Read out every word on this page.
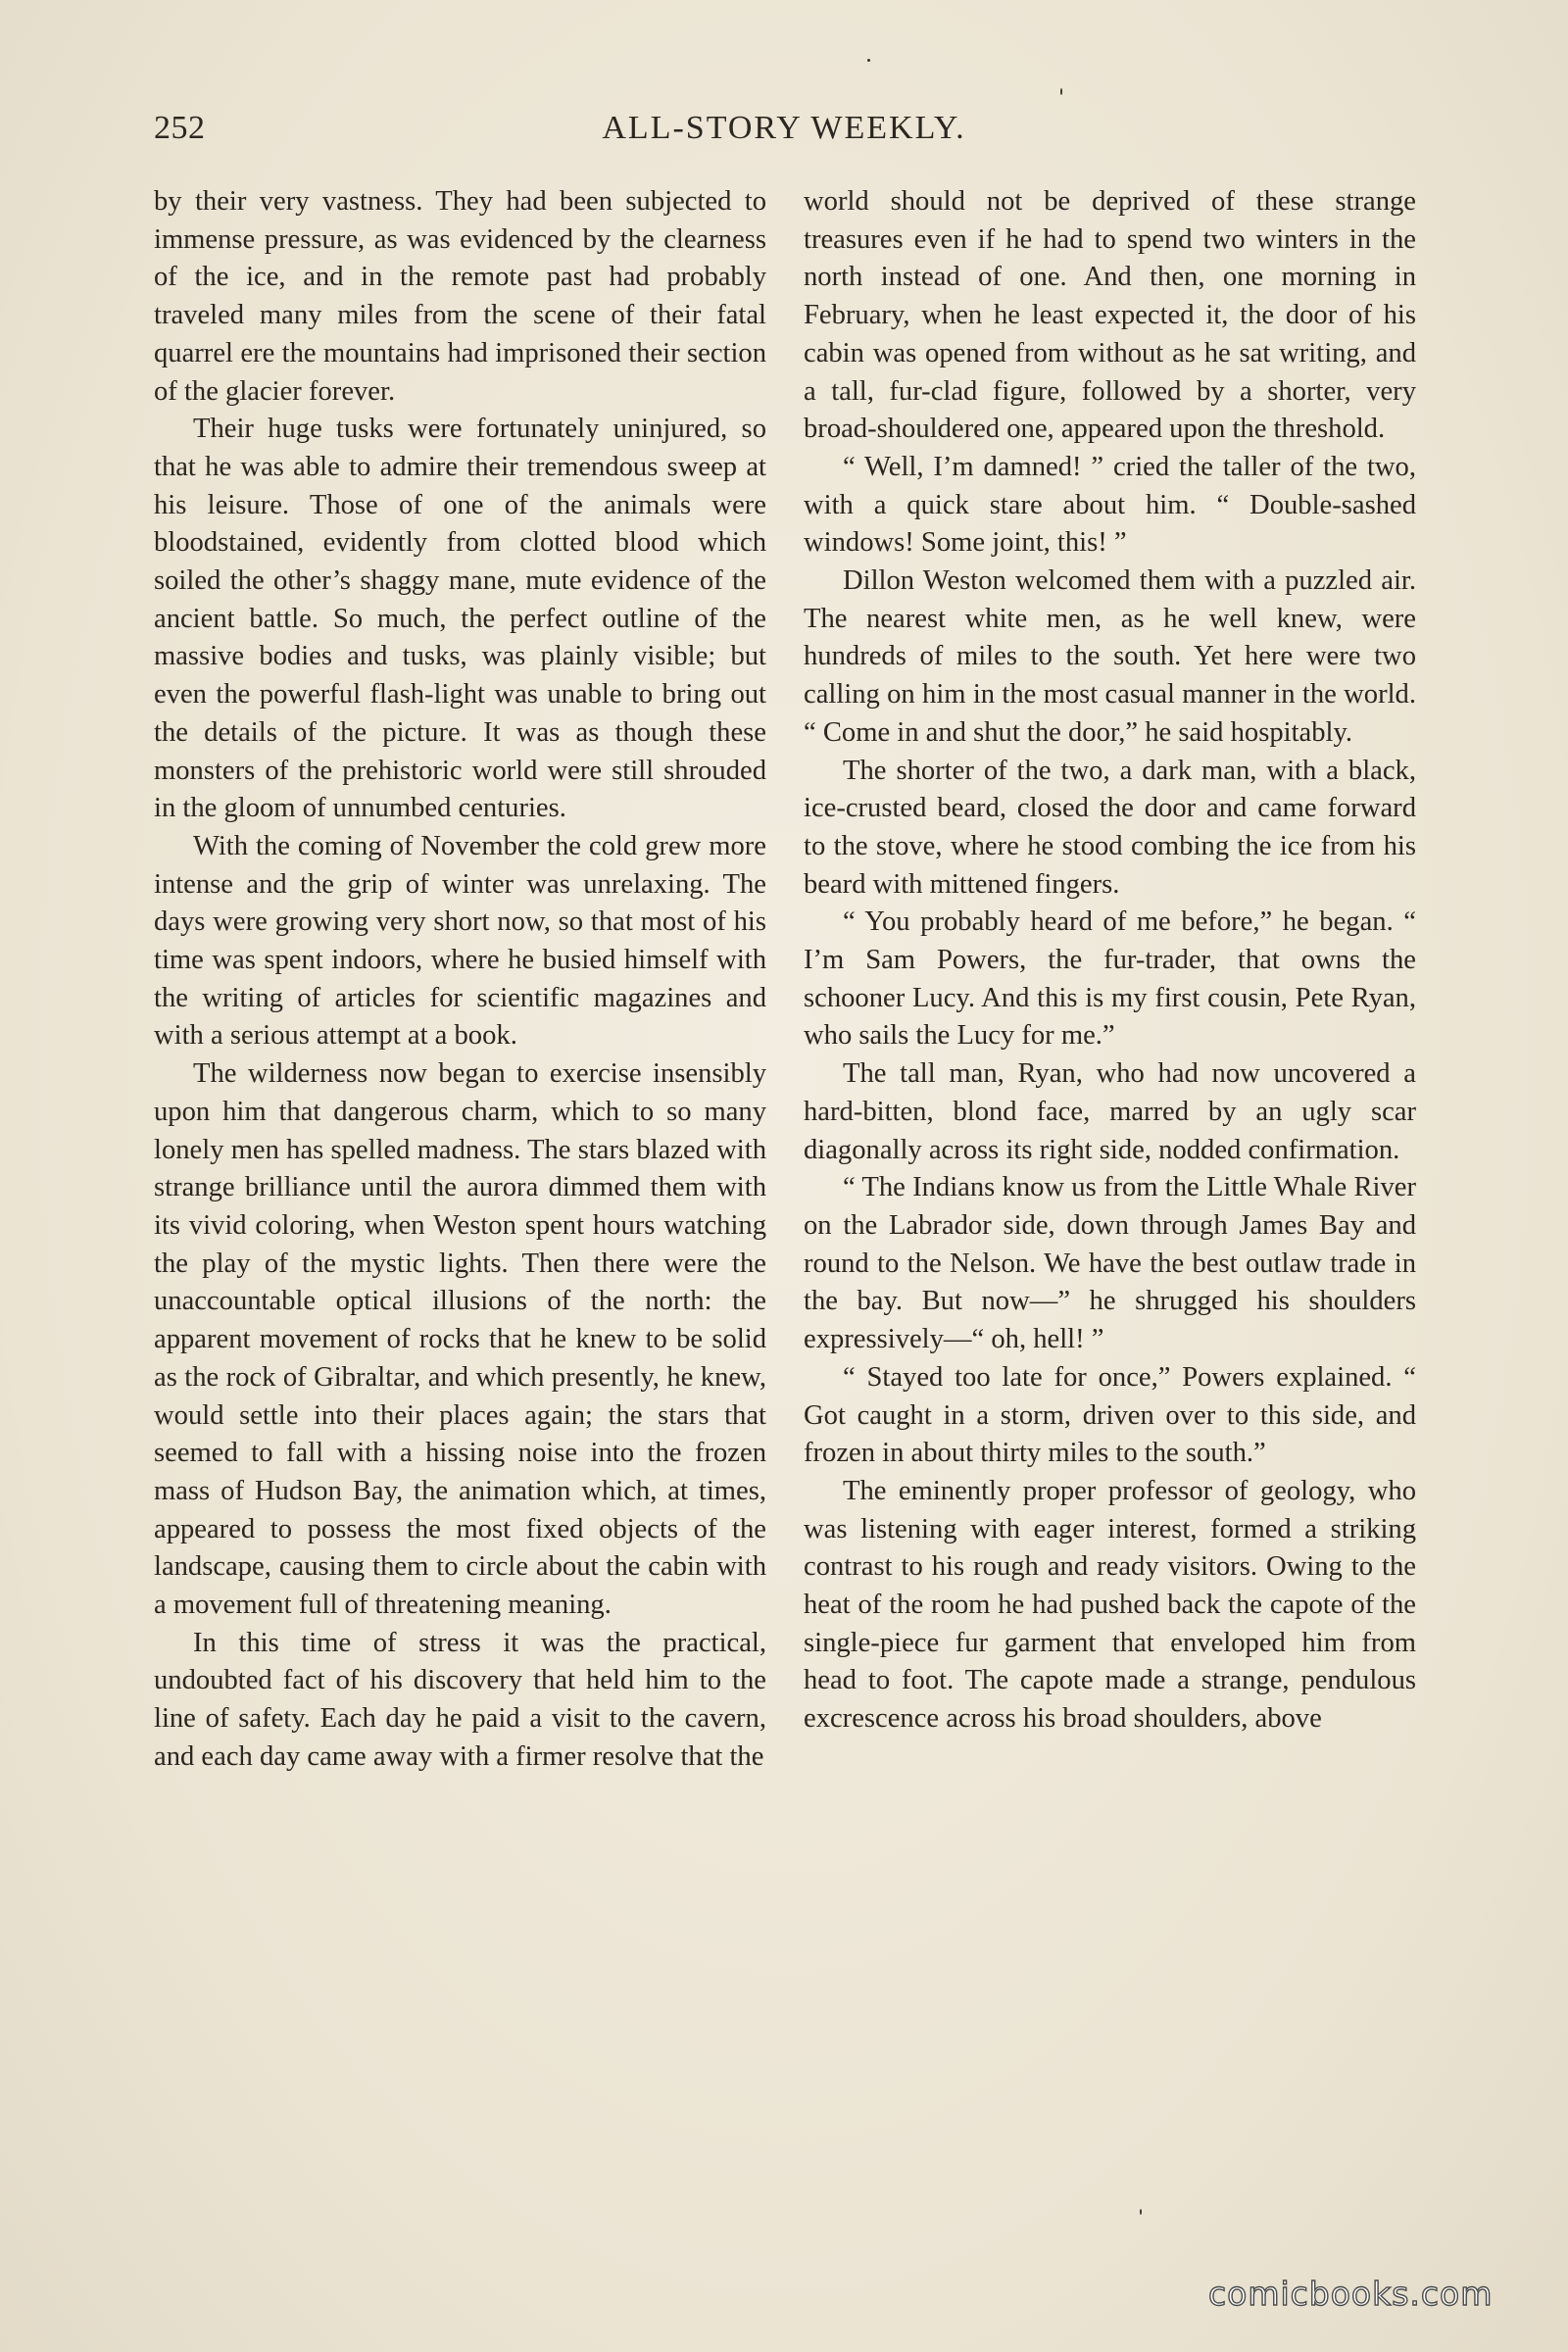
252	ALL-STORY WEEKLY.

by their very vastness. They had been subjected to immense pressure, as was evidenced by the clearness of the ice, and in the remote past had probably traveled many miles from the scene of their fatal quarrel ere the mountains had imprisoned their section of the glacier forever.

Their huge tusks were fortunately uninjured, so that he was able to admire their tremendous sweep at his leisure. Those of one of the animals were bloodstained, evidently from clotted blood which soiled the other’s shaggy mane, mute evidence of the ancient battle. So much, the perfect outline of the massive bodies and tusks, was plainly visible; but even the powerful flash-light was unable to bring out the details of the picture. It was as though these monsters of the prehistoric world were still shrouded in the gloom of unnumbed centuries.

With the coming of November the cold grew more intense and the grip of winter was unrelaxing. The days were growing very short now, so that most of his time was spent indoors, where he busied himself with the writing of articles for scientific magazines and with a serious attempt at a book.

The wilderness now began to exercise insensibly upon him that dangerous charm, which to so many lonely men has spelled madness. The stars blazed with strange brilliance until the aurora dimmed them with its vivid coloring, when Weston spent hours watching the play of the mystic lights. Then there were the unaccountable optical illusions of the north: the apparent movement of rocks that he knew to be solid as the rock of Gibraltar, and which presently, he knew, would settle into their places again; the stars that seemed to fall with a hissing noise into the frozen mass of Hudson Bay, the animation which, at times, appeared to possess the most fixed objects of the landscape, causing them to circle about the cabin with a movement full of threatening meaning.

In this time of stress it was the practical, undoubted fact of his discovery that held him to the line of safety. Each day he paid a visit to the cavern, and each day came away with a firmer resolve that the

world should not be deprived of these strange treasures even if he had to spend two winters in the north instead of one. And then, one morning in February, when he least expected it, the door of his cabin was opened from without as he sat writing, and a tall, fur-clad figure, followed by a shorter, very broad-shouldered one, appeared upon the threshold.

“ Well, I’m damned! ” cried the taller of the two, with a quick stare about him. “ Double-sashed windows! Some joint, this! ”

Dillon Weston welcomed them with a puzzled air. The nearest white men, as he well knew, were hundreds of miles to the south. Yet here were two calling on him in the most casual manner in the world. “ Come in and shut the door,” he said hospitably.

The shorter of the two, a dark man, with a black, ice-crusted beard, closed the door and came forward to the stove, where he stood combing the ice from his beard with mittened fingers.

“ You probably heard of me before,” he began. “ I’m Sam Powers, the fur-trader, that owns the schooner Lucy. And this is my first cousin, Pete Ryan, who sails the Lucy for me.”

The tall man, Ryan, who had now uncovered a hard-bitten, blond face, marred by an ugly scar diagonally across its right side, nodded confirmation.

“ The Indians know us from the Little Whale River on the Labrador side, down through James Bay and round to the Nelson. We have the best outlaw trade in the bay. But now—” he shrugged his shoulders expressively—“ oh, hell! ”

“ Stayed too late for once,” Powers explained. “ Got caught in a storm, driven over to this side, and frozen in about thirty miles to the south.”

The eminently proper professor of geology, who was listening with eager interest, formed a striking contrast to his rough and ready visitors. Owing to the heat of the room he had pushed back the capote of the single-piece fur garment that enveloped him from head to foot. The capote made a strange, pendulous excrescence across his broad shoulders, above

comicbooks.com
